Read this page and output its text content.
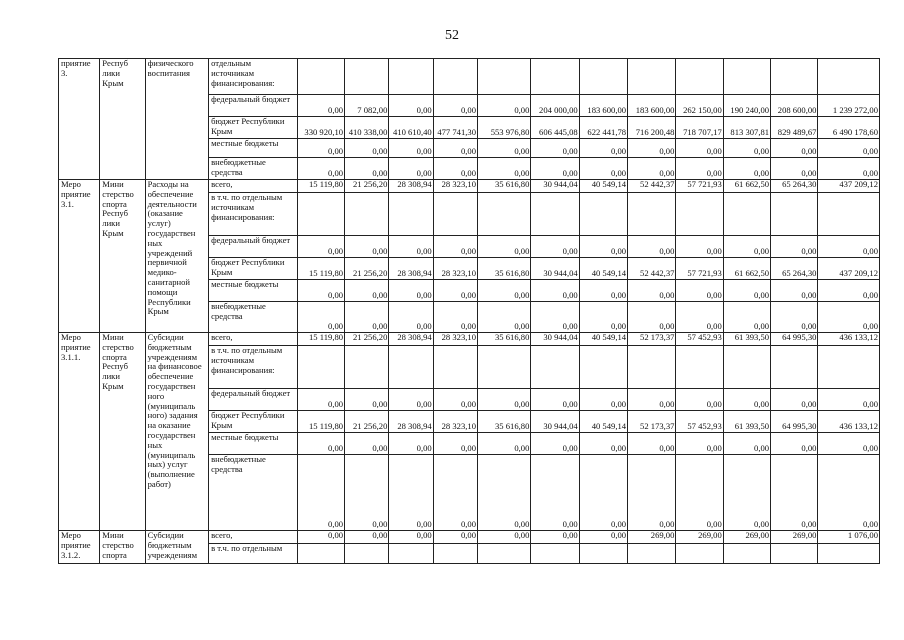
52
приятие 3.	Респуб лики Крым	физического воспитания	отдельным источникам финансирования:												
			федеральный бюджет	0,00	7 082,00	0,00	0,00	0,00	204 000,00	183 600,00	183 600,00	262 150,00	190 240,00	208 600,00	1 239 272,00
			бюджет Республики Крым	330 920,10	410 338,00	410 610,40	477 741,30	553 976,80	606 445,08	622 441,78	716 200,48	718 707,17	813 307,81	829 489,67	6 490 178,60
			местные бюджеты	0,00	0,00	0,00	0,00	0,00	0,00	0,00	0,00	0,00	0,00	0,00	0,00
			внебюджетные средства	0,00	0,00	0,00	0,00	0,00	0,00	0,00	0,00	0,00	0,00	0,00	0,00
Меро приятие 3.1.	Мини стерство спорта Респуб лики Крым	Расходы на обеспечение деятельности (оказание услуг) государствен ных учреждений первичной медико-санитарной помощи Республики Крым	всего,	15 119,80	21 256,20	28 308,94	28 323,10	35 616,80	30 944,04	40 549,14	52 442,37	57 721,93	61 662,50	65 264,30	437 209,12
			в т.ч. по отдельным источникам финансирования:												
			федеральный бюджет	0,00	0,00	0,00	0,00	0,00	0,00	0,00	0,00	0,00	0,00	0,00	0,00
			бюджет Республики Крым	15 119,80	21 256,20	28 308,94	28 323,10	35 616,80	30 944,04	40 549,14	52 442,37	57 721,93	61 662,50	65 264,30	437 209,12
			местные бюджеты	0,00	0,00	0,00	0,00	0,00	0,00	0,00	0,00	0,00	0,00	0,00	0,00
			внебюджетные средства	0,00	0,00	0,00	0,00	0,00	0,00	0,00	0,00	0,00	0,00	0,00	0,00
Меро приятие 3.1.1.	Мини стерство спорта Респуб лики Крым	Субсидии бюджетным учреждениям на финансовое обеспечение государствен ного (муниципаль ного) задания на оказание государствен ных (муниципаль ных) услуг (выполнение работ)	всего,	15 119,80	21 256,20	28 308,94	28 323,10	35 616,80	30 944,04	40 549,14	52 173,37	57 452,93	61 393,50	64 995,30	436 133,12
			в т.ч. по отдельным источникам финансирования:												
			федеральный бюджет	0,00	0,00	0,00	0,00	0,00	0,00	0,00	0,00	0,00	0,00	0,00	0,00
			бюджет Республики Крым	15 119,80	21 256,20	28 308,94	28 323,10	35 616,80	30 944,04	40 549,14	52 173,37	57 452,93	61 393,50	64 995,30	436 133,12
			местные бюджеты	0,00	0,00	0,00	0,00	0,00	0,00	0,00	0,00	0,00	0,00	0,00	0,00
			внебюджетные средства	0,00	0,00	0,00	0,00	0,00	0,00	0,00	0,00	0,00	0,00	0,00	0,00
Меро приятие 3.1.2.	Мини стерство спорта	Субсидии бюджетным учреждениям	всего,	0,00	0,00	0,00	0,00	0,00	0,00	0,00	269,00	269,00	269,00	269,00	1 076,00
			в т.ч. по отдельным												
